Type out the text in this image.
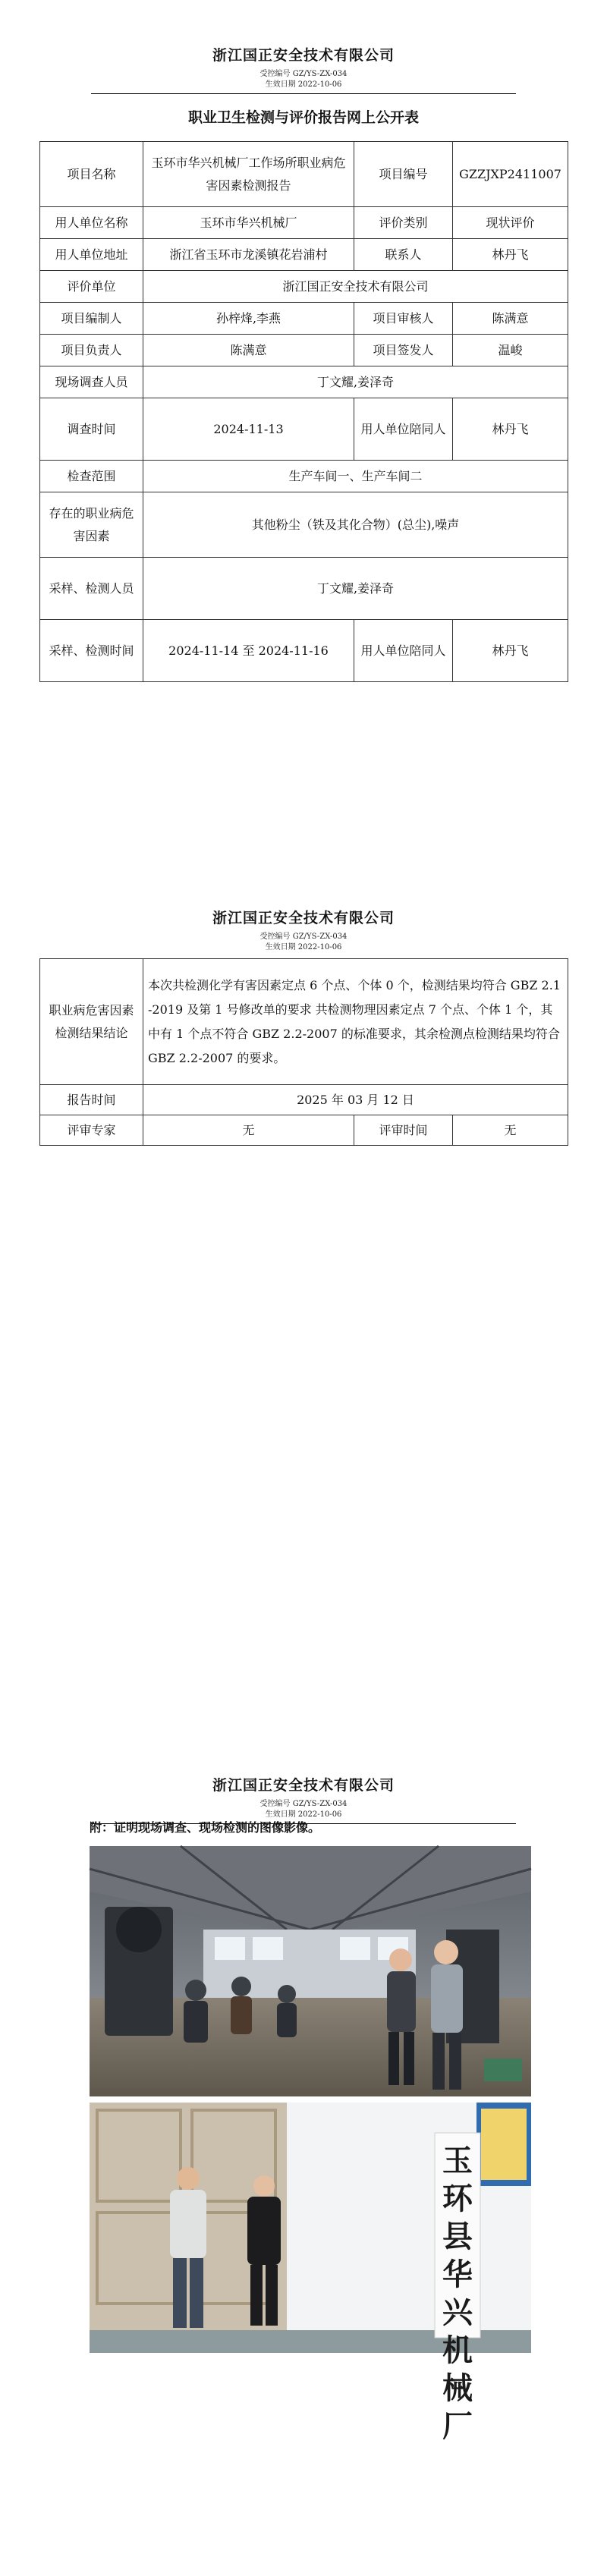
浙江国正安全技术有限公司
受控编号 GZ/YS-ZX-034
生效日期 2022-10-06
职业卫生检测与评价报告网上公开表
项目名称	玉环市华兴机械厂工作场所职业病危害因素检测报告	项目编号	GZZJXP2411007
用人单位名称	玉环市华兴机械厂	评价类别	现状评价
用人单位地址	浙江省玉环市龙溪镇花岩浦村	联系人	林丹飞
评价单位	浙江国正安全技术有限公司		
项目编制人	孙梓烽,李燕	项目审核人	陈满意
项目负责人	陈满意	项目签发人	温峻
现场调查人员	丁文耀,姜泽奇		
调查时间	2024-11-13	用人单位陪同人	林丹飞
检查范围	生产车间一、生产车间二		
存在的职业病危害因素	其他粉尘（铁及其化合物）(总尘),噪声		
采样、检测人员	丁文耀,姜泽奇		
采样、检测时间	2024-11-14 至 2024-11-16	用人单位陪同人	林丹飞
浙江国正安全技术有限公司
受控编号 GZ/YS-ZX-034
生效日期 2022-10-06
职业病危害因素检测结果结论	本次共检测化学有害因素定点 6 个点、个体 0 个，检测结果均符合 GBZ 2.1-2019 及第 1 号修改单的要求 共检测物理因素定点 7 个点、个体 1 个，其中有 1 个点不符合 GBZ 2.2-2007 的标准要求，其余检测点检测结果均符合 GBZ 2.2-2007 的要求。		
报告时间	2025 年 03 月 12 日		
评审专家	无	评审时间	无
浙江国正安全技术有限公司
受控编号 GZ/YS-ZX-034
生效日期 2022-10-06
附：证明现场调查、现场检测的图像影像。
玉环县华兴机械厂
